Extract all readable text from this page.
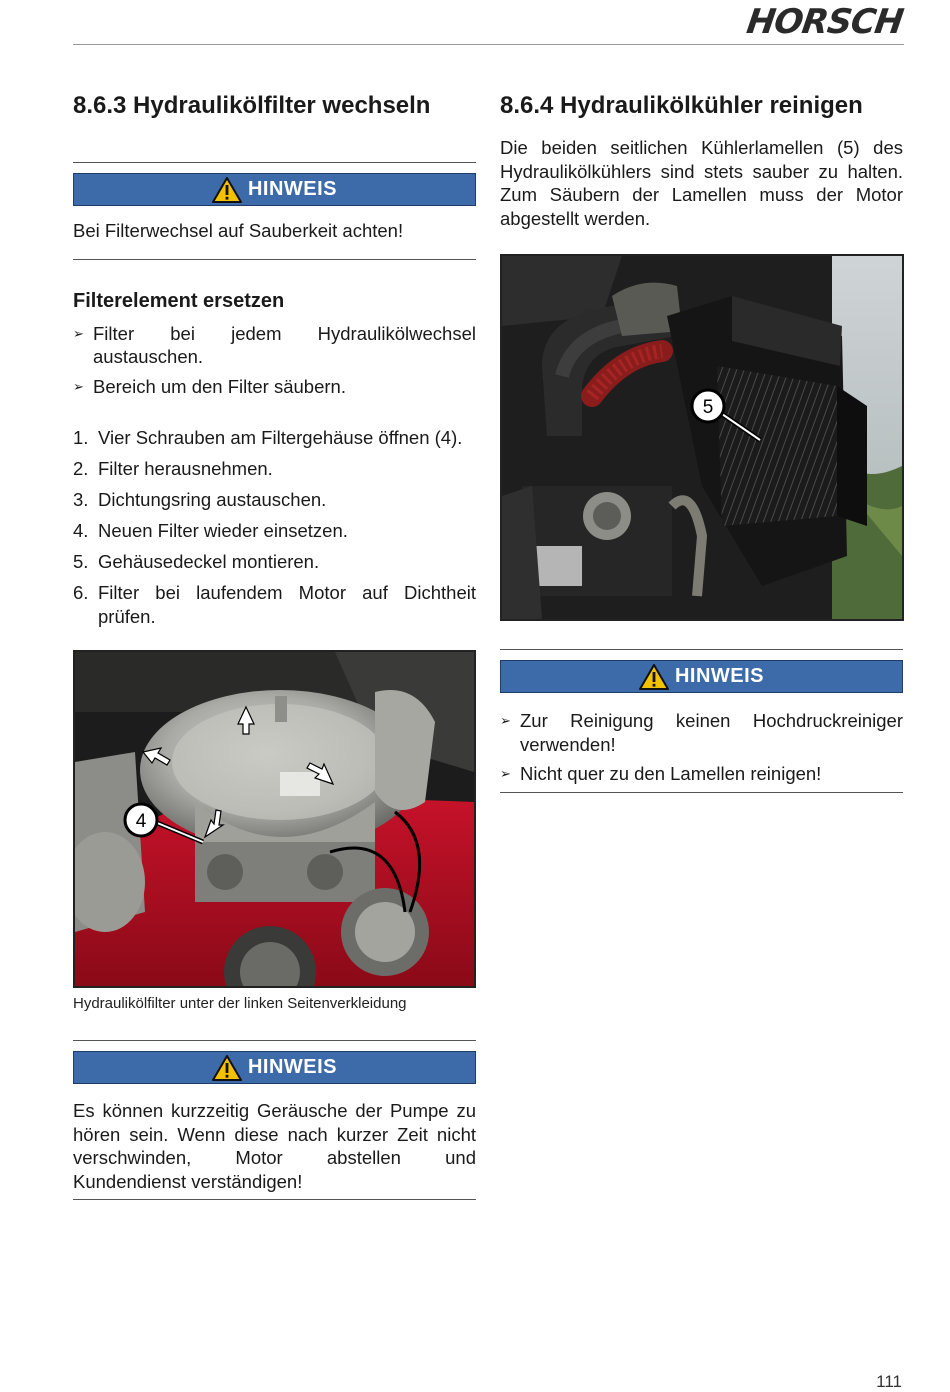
HORSCH
8.6.3 Hydraulikölfilter wechseln
HINWEIS

Bei Filterwechsel auf Sauberkeit achten!

Filterelement ersetzen
➢ Filter bei jedem Hydraulikölwechsel austauschen.
➢ Bereich um den Filter säubern.
1. Vier Schrauben am Filtergehäuse öffnen (4).
2. Filter herausnehmen.
3. Dichtungsring austauschen.
4. Neuen Filter wieder einsetzen.
5. Gehäusedeckel montieren.
6. Filter bei laufendem Motor auf Dichtheit prüfen.
4

Hydraulikölfilter unter der linken Seitenverkleidung

HINWEIS

Es können kurzzeitig Geräusche der Pumpe zu hören sein. Wenn diese nach kurzer Zeit nicht verschwinden, Motor abstellen und Kundendienst verständigen!

8.6.4 Hydraulikölkühler reinigen

Die beiden seitlichen Kühlerlamellen (5) des Hydraulikölkühlers sind stets sauber zu halten. Zum Säubern der Lamellen muss der Motor abgestellt werden.

5
HINWEIS
➢ Zur Reinigung keinen Hochdruckreiniger verwenden!
➢ Nicht quer zu den Lamellen reinigen!
111
